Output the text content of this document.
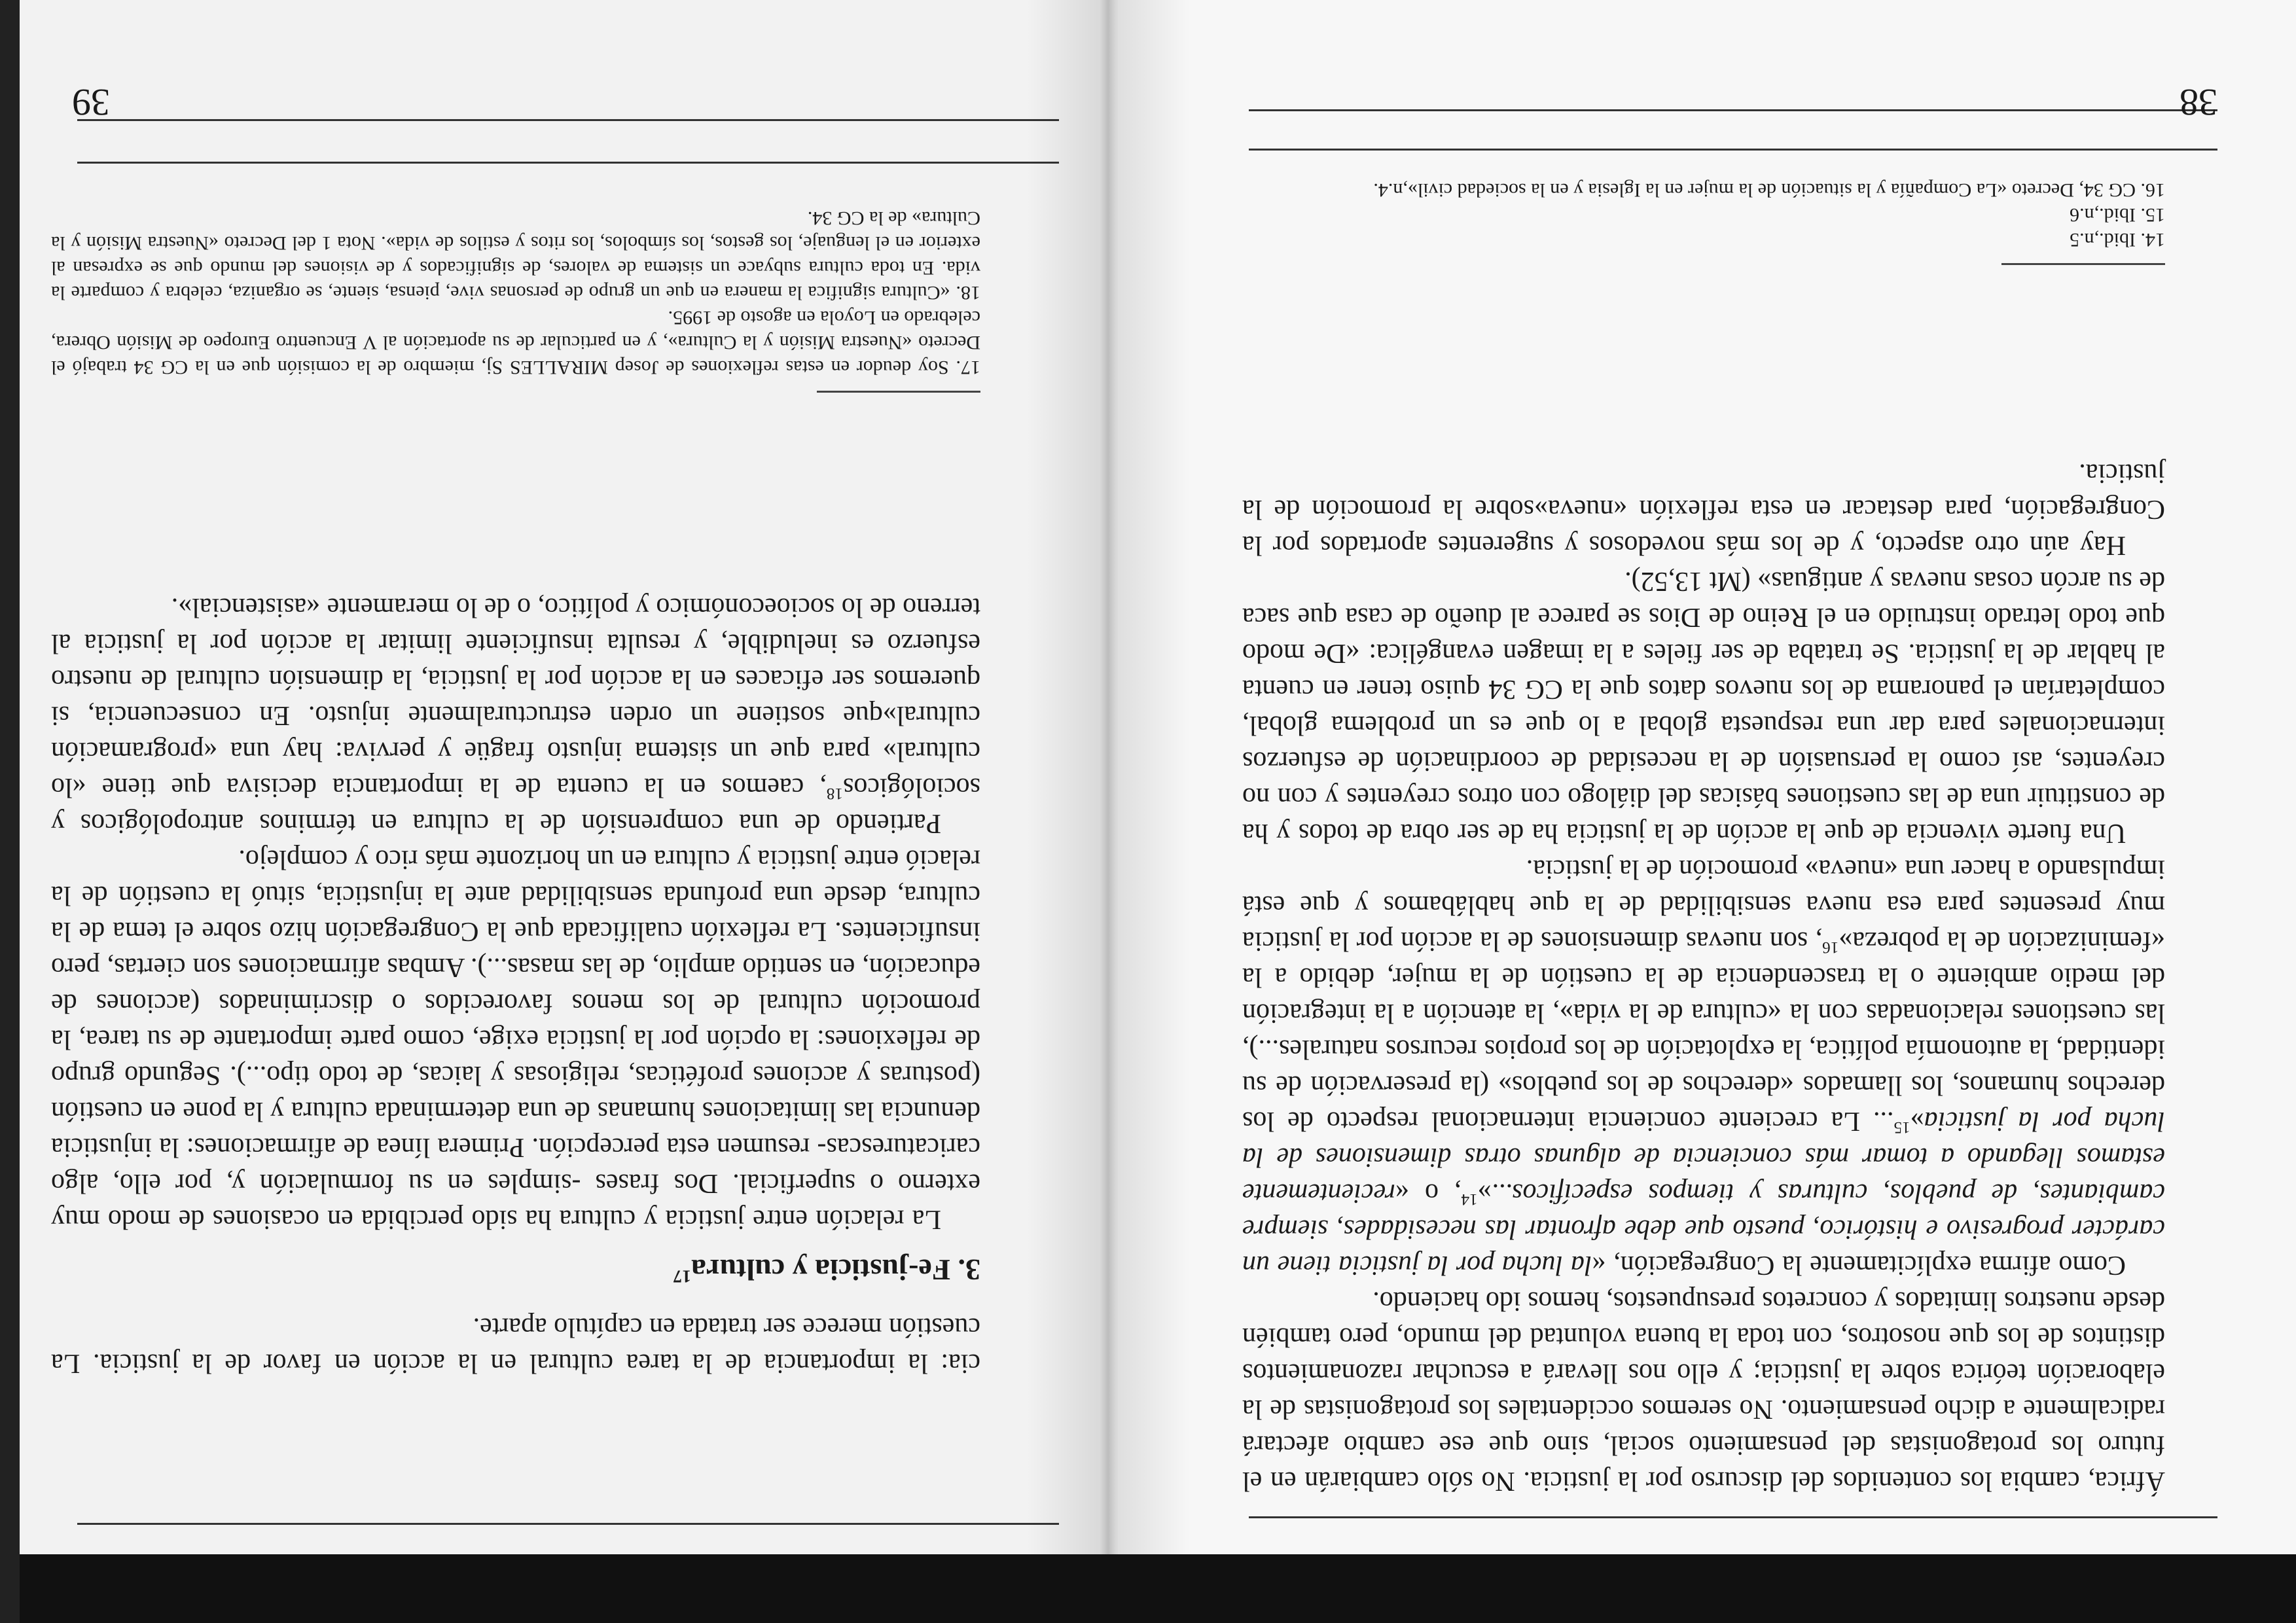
38

África, cambia los contenidos del discurso por la justicia. No sólo cambiarán en el futuro los protagonistas del pensamiento social, sino que ese cambio afectará radicalmente a dicho pensamiento. No seremos occidentales los protagonistas de la elaboración teórica sobre la justicia; y ello nos llevará a escuchar razonamientos distintos de los que nosotros, con toda la buena voluntad del mundo, pero también desde nuestros limitados y concretos presupuestos, hemos ido haciendo.

Como afirma explícitamente la Congregación, «la lucha por la justicia tiene un carácter progresivo e histórico, puesto que debe afrontar las necesidades, siempre cambiantes, de pueblos, culturas y tiempos específicos...»$^{14}$, o «recientemente estamos llegando a tomar más conciencia de algunas otras dimensiones de la lucha por la justicia»$^{15}$... La creciente conciencia internacional respecto de los derechos humanos, los llamados «derechos de los pueblos» (la preservación de su identidad, la autonomía política, la explotación de los propios recursos naturales...), las cuestiones relacionadas con la «cultura de la vida», la atención a la integración del medio ambiente o la trascendencia de la cuestión de la mujer, debido a la «feminización de la pobreza»$^{16}$, son nuevas dimensiones de la acción por la justicia muy presentes para esa nueva sensibilidad de la que hablábamos y que está impulsando a hacer una «nueva» promoción de la justicia.

Una fuerte vivencia de que la acción de la justicia ha de ser obra de todos y ha de constituir una de las cuestiones básicas del diálogo con otros creyentes y con no creyentes, así como la persuasión de la necesidad de coordinación de esfuerzos internacionales para dar una respuesta global a lo que es un problema global, completarían el panorama de los nuevos datos que la CG 34 quiso tener en cuenta al hablar de la justicia. Se trataba de ser fieles a la imagen evangélica: «De modo que todo letrado instruido en el Reino de Dios se parece al dueño de casa que saca de su arcón cosas nuevas y antiguas» (Mt 13,52).

Hay aún otro aspecto, y de los más novedosos y sugerentes aportados por la Congregación, para destacar en esta reflexión «nueva»sobre la promoción de la justicia.

14. Ibid.,n.5

15. Ibid.,n.6

16. CG 34, Decreto «La Compañía y la situación de la mujer en la Iglesia y en la sociedad civil»,n.4.

39

cia: la importancia de la tarea cultural en la acción en favor de la justicia. La cuestión merece ser tratada en capítulo aparte.

3. Fe-justicia y cultura$^{17}$

La relación entre justicia y cultura ha sido percibida en ocasiones de modo muy externo o superficial. Dos frases -simples en su formulación y, por ello, algo caricaturescas- resumen esta percepción. Primera línea de afirmaciones: la injusticia denuncia las limitaciones humanas de una determinada cultura y la pone en cuestión (posturas y acciones proféticas, religiosas y laicas, de todo tipo...). Segundo grupo de reflexiones: la opción por la justicia exige, como parte importante de su tarea, la promoción cultural de los menos favorecidos o discriminados (acciones de educación, en sentido amplio, de las masas...). Ambas afirmaciones son ciertas, pero insuficientes. La reflexión cualificada que la Congregación hizo sobre el tema de la cultura, desde una profunda sensibilidad ante la injusticia, situó la cuestión de la relació entre justicia y cultura en un horizonte más rico y complejo.

Partiendo de una comprensión de la cultura en términos antropológicos y sociológicos$^{18}$, caemos en la cuenta de la importancia decisiva que tiene «lo cultural» para que un sistema injusto fragüe y perviva: hay una «programación cultural»que sostiene un orden estructuralmente injusto. En consecuencia, si queremos ser eficaces en la acción por la justicia, la dimensión cultural de nuestro esfuerzo es ineludible, y resulta insuficiente limitar la acción por la justicia al terreno de lo socioeconómico y político, o de lo meramente «asistencial».

17. Soy deudor en estas reflexiones de Josep MIRALLES Sj, miembro de la comisión que en la CG 34 trabajó el Decreto «Nuestra Misión y la Cultura», y en particular de su aportación al V Encuentro Europeo de Misión Obrera, celebrado en Loyola en agosto de 1995.

18. «Cultura significa la manera en que un grupo de personas vive, piensa, siente, se organiza, celebra y comparte la vida. En toda cultura subyace un sistema de valores, de significados y de visiones del mundo que se expresan al exterior en el lenguaje, los gestos, los símbolos, los ritos y estilos de vida». Nota 1 del Decreto «Nuestra Misión y la Cultura» de la CG 34.
